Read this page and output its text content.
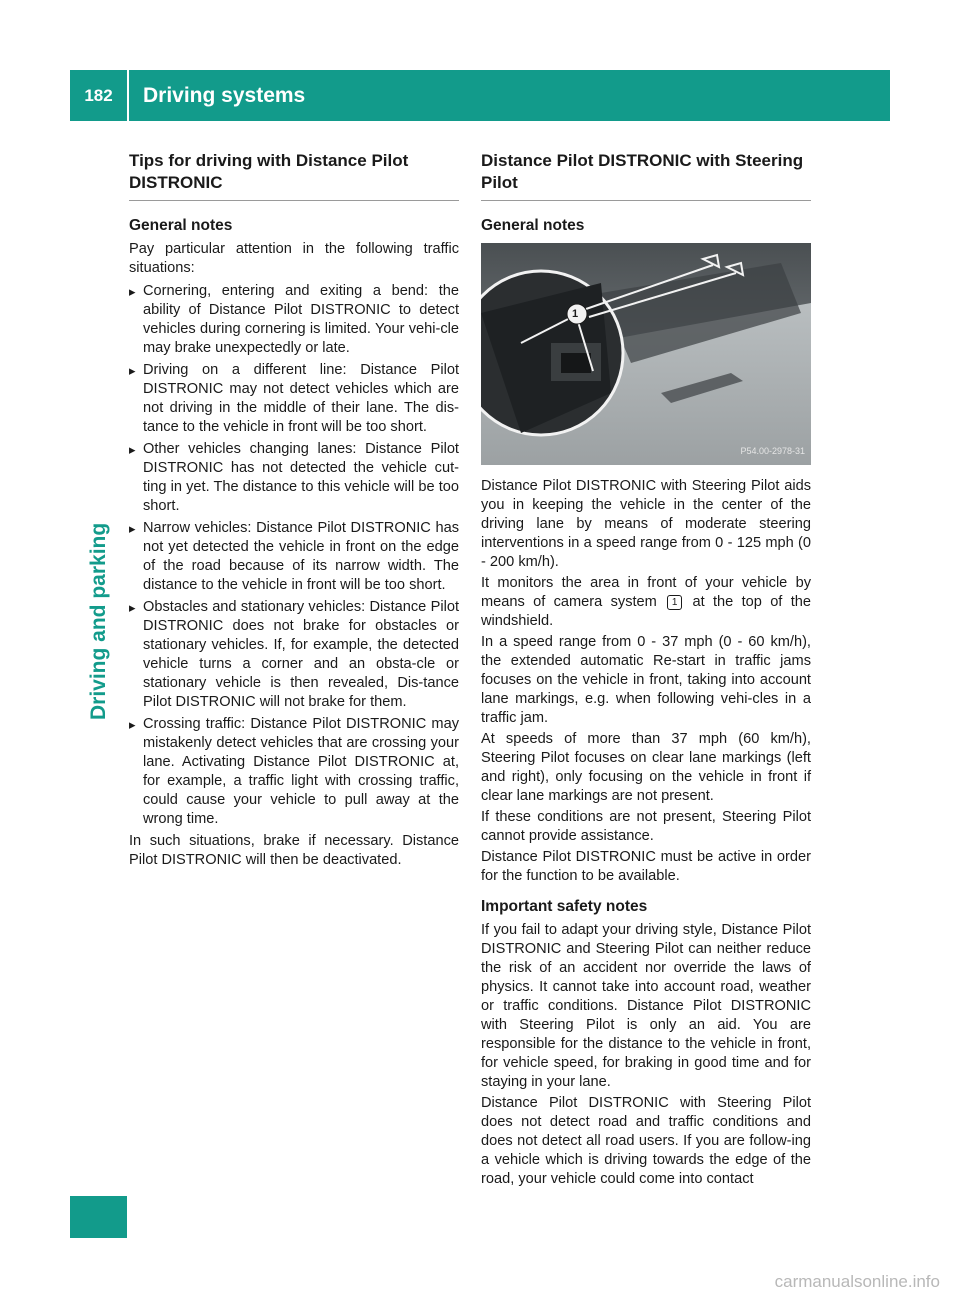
182	Driving systems
Driving and parking
Tips for driving with Distance Pilot DISTRONIC
General notes

Pay particular attention in the following traffic situations:

▸ Cornering, entering and exiting a bend: the ability of Distance Pilot DISTRONIC to detect vehicles during cornering is limited. Your vehi-cle may brake unexpectedly or late.
▸ Driving on a different line: Distance Pilot DISTRONIC may not detect vehicles which are not driving in the middle of their lane. The dis-tance to the vehicle in front will be too short.
▸ Other vehicles changing lanes: Distance Pilot DISTRONIC has not detected the vehicle cut-ting in yet. The distance to this vehicle will be too short.
▸ Narrow vehicles: Distance Pilot DISTRONIC has not yet detected the vehicle in front on the edge of the road because of its narrow width. The distance to the vehicle in front will be too short.
▸ Obstacles and stationary vehicles: Distance Pilot DISTRONIC does not brake for obstacles or stationary vehicles. If, for example, the detected vehicle turns a corner and an obsta-cle or stationary vehicle is then revealed, Dis-tance Pilot DISTRONIC will not brake for them.
▸ Crossing traffic: Distance Pilot DISTRONIC may mistakenly detect vehicles that are crossing your lane. Activating Distance Pilot DISTRONIC at, for example, a traffic light with crossing traffic, could cause your vehicle to pull away at the wrong time.

In such situations, brake if necessary. Distance Pilot DISTRONIC will then be deactivated.

Distance Pilot DISTRONIC with Steering Pilot
General notes
1
P54.00-2978-31

Distance Pilot DISTRONIC with Steering Pilot aids you in keeping the vehicle in the center of the driving lane by means of moderate steering interventions in a speed range from 0 - 125 mph (0 - 200 km/h).

It monitors the area in front of your vehicle by means of camera system 1 at the top of the windshield.

In a speed range from 0 - 37 mph (0 - 60 km/h), the extended automatic Re-start in traffic jams focuses on the vehicle in front, taking into account lane markings, e.g. when following vehi-cles in a traffic jam.

At speeds of more than 37 mph (60 km/h), Steering Pilot focuses on clear lane markings (left and right), only focusing on the vehicle in front if clear lane markings are not present.

If these conditions are not present, Steering Pilot cannot provide assistance.

Distance Pilot DISTRONIC must be active in order for the function to be available.

Important safety notes

If you fail to adapt your driving style, Distance Pilot DISTRONIC and Steering Pilot can neither reduce the risk of an accident nor override the laws of physics. It cannot take into account road, weather or traffic conditions. Distance Pilot DISTRONIC with Steering Pilot is only an aid. You are responsible for the distance to the vehicle in front, for vehicle speed, for braking in good time and for staying in your lane.

Distance Pilot DISTRONIC with Steering Pilot does not detect road and traffic conditions and does not detect all road users. If you are follow-ing a vehicle which is driving towards the edge of the road, your vehicle could come into contact

carmanualsonline.info
